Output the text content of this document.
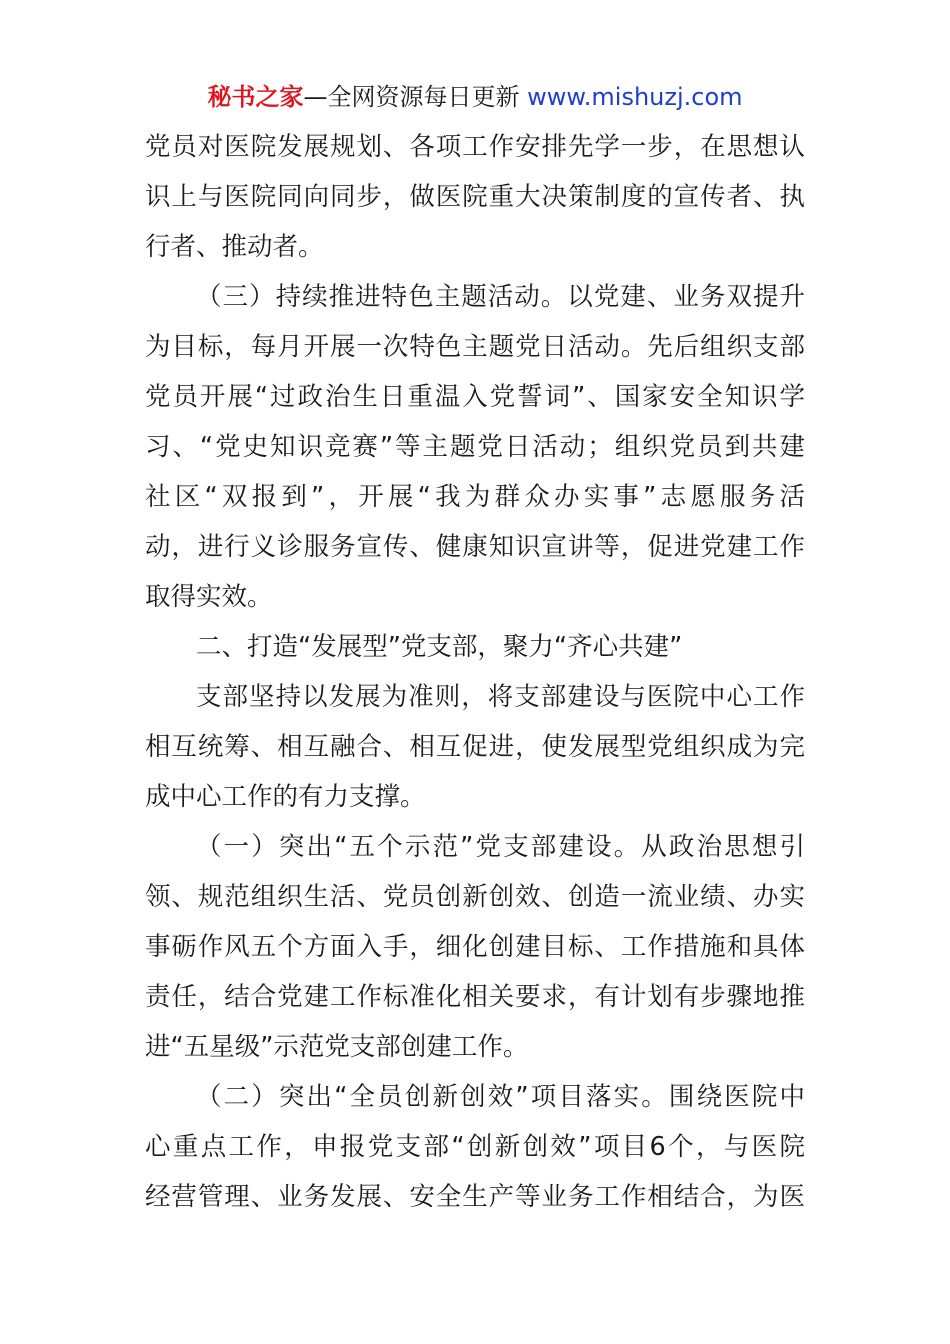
秘书之家—全网资源每日更新 www.mishuzj.com
党员对医院发展规划、各项工作安排先学一步，在思想认
识上与医院同向同步，做医院重大决策制度的宣传者、执
行者、推动者。
（三）持续推进特色主题活动。以党建、业务双提升
为目标，每月开展一次特色主题党日活动。先后组织支部
党员开展“过政治生日重温入党誓词”、国家安全知识学
习、“党史知识竞赛”等主题党日活动；组织党员到共建
社区“双报到”，开展“我为群众办实事”志愿服务活
动，进行义诊服务宣传、健康知识宣讲等，促进党建工作
取得实效。
二、打造“发展型”党支部，聚力“齐心共建”
支部坚持以发展为准则，将支部建设与医院中心工作
相互统筹、相互融合、相互促进，使发展型党组织成为完
成中心工作的有力支撑。
（一）突出“五个示范”党支部建设。从政治思想引
领、规范组织生活、党员创新创效、创造一流业绩、办实
事砺作风五个方面入手，细化创建目标、工作措施和具体
责任，结合党建工作标准化相关要求，有计划有步骤地推
进“五星级”示范党支部创建工作。
（二）突出“全员创新创效”项目落实。围绕医院中
心重点工作，申报党支部“创新创效”项目6个，与医院
经营管理、业务发展、安全生产等业务工作相结合，为医
